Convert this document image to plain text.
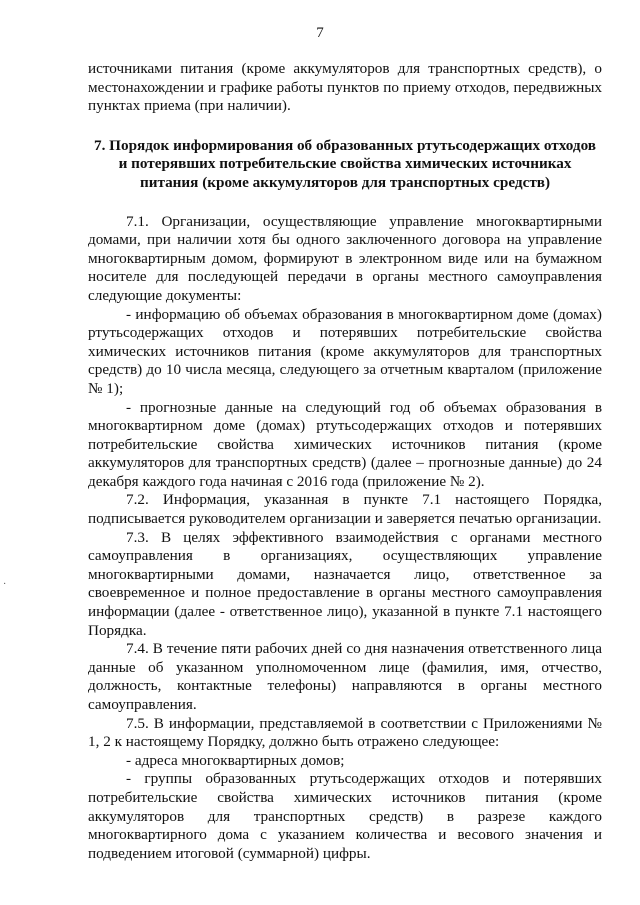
7
·

источниками питания (кроме аккумуляторов для транспортных средств), о местонахождении и графике работы пунктов по приему отходов, передвижных пунктах приема (при наличии).

7. Порядок информирования об образованных ртутьсодержащих отходов и потерявших потребительские свойства химических источниках питания (кроме аккумуляторов для транспортных средств)

7.1. Организации, осуществляющие управление многоквартирными домами, при наличии хотя бы одного заключенного договора на управление многоквартирным домом, формируют в электронном виде или на бумажном носителе для последующей передачи в органы местного самоуправления следующие документы:

- информацию об объемах образования в многоквартирном доме (домах) ртутьсодержащих отходов и потерявших потребительские свойства химических источников питания (кроме аккумуляторов для транспортных средств) до 10 числа месяца, следующего за отчетным кварталом (приложение № 1);

- прогнозные данные на следующий год об объемах образования в многоквартирном доме (домах) ртутьсодержащих отходов и потерявших потребительские свойства химических источников питания (кроме аккумуляторов для транспортных средств) (далее – прогнозные данные) до 24 декабря каждого года начиная с 2016 года (приложение № 2).

7.2. Информация, указанная в пункте 7.1 настоящего Порядка, подписывается руководителем организации и заверяется печатью организации.

7.3. В целях эффективного взаимодействия с органами местного самоуправления в организациях, осуществляющих управление многоквартирными домами, назначается лицо, ответственное за своевременное и полное предоставление в органы местного самоуправления информации (далее - ответственное лицо), указанной в пункте 7.1 настоящего Порядка.

7.4. В течение пяти рабочих дней со дня назначения ответственного лица данные об указанном уполномоченном лице (фамилия, имя, отчество, должность, контактные телефоны) направляются в органы местного самоуправления.

7.5. В информации, представляемой в соответствии с Приложениями № 1, 2 к настоящему Порядку, должно быть отражено следующее:

- адреса многоквартирных домов;

- группы образованных ртутьсодержащих отходов и потерявших потребительские свойства химических источников питания (кроме аккумуляторов для транспортных средств) в разрезе каждого многоквартирного дома с указанием количества и весового значения и подведением итоговой (суммарной) цифры.
